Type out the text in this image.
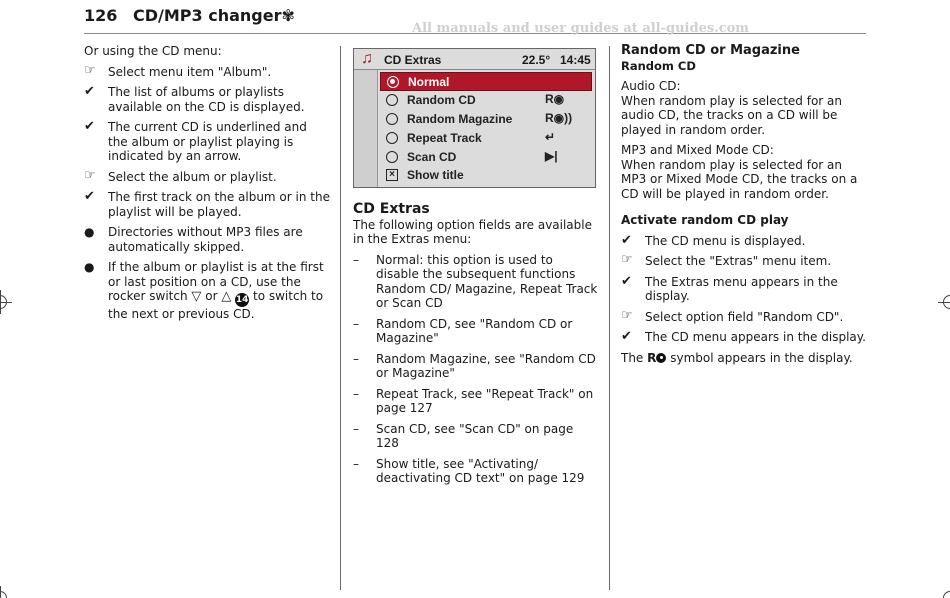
126 CD/MP3 changer✾
All manuals and user guides at all-guides.com

Or using the CD menu:

☞	Select menu item "Album".
✔	The list of albums or playlists available on the CD is displayed.
✔	The current CD is underlined and the album or playlist playing is indicated by an arrow.
☞	Select the album or playlist.
✔	The first track on the album or in the playlist will be played.
●	Directories without MP3 files are automatically skipped.
●	If the album or playlist is at the first or last position on a CD, use the rocker switch ▽ or △ 14 to switch to the next or previous CD.
♫ CD Extras	22.5° 14:45
Normal
Random CD	R◉
Random Magazine	R◉))
Repeat Track	↵
Scan CD	▶|
× Show title
CD Extras

The following option fields are available in the Extras menu:

– Normal: this option is used to disable the subsequent functions Random CD/ Magazine, Repeat Track or Scan CD
– Random CD, see "Random CD or Magazine"
– Random Magazine, see "Random CD or Magazine"
– Repeat Track, see "Repeat Track" on page 127
– Scan CD, see "Scan CD" on page 128
– Show title, see "Activating/ deactivating CD text" on page 129
Random CD or Magazine
Random CD

Audio CD:

When random play is selected for an audio CD, the tracks on a CD will be played in random order.

MP3 and Mixed Mode CD:

When random play is selected for an MP3 or Mixed Mode CD, the tracks on a CD will be played in random order.

Activate random CD play
✔	The CD menu is displayed.
☞	Select the "Extras" menu item.
✔	The Extras menu appears in the display.
☞	Select option field "Random CD".
✔	The CD menu appears in the display.

The R symbol appears in the display.
